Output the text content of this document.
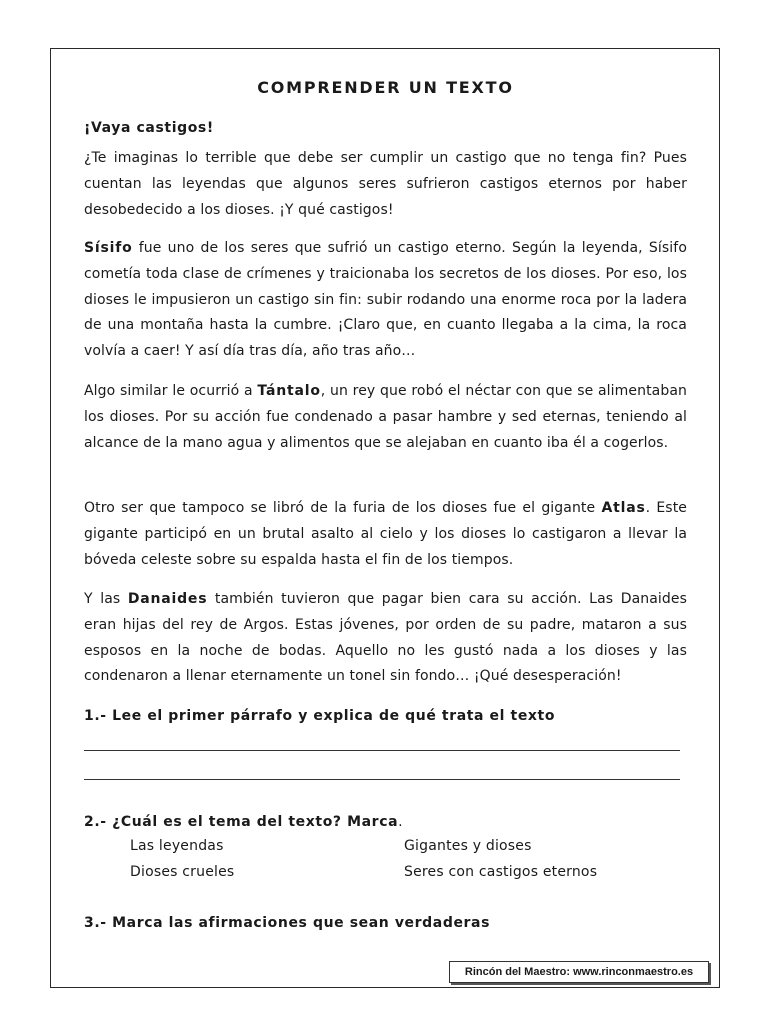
COMPRENDER UN TEXTO
¡Vaya castigos!

¿Te imaginas lo terrible que debe ser cumplir un castigo que no tenga fin? Pues cuentan las leyendas que algunos seres sufrieron castigos eternos por haber desobedecido a los dioses. ¡Y qué castigos!

Sísifo fue uno de los seres que sufrió un castigo eterno. Según la leyenda, Sísifo cometía toda clase de crímenes y traicionaba los secretos de los dioses. Por eso, los dioses le impusieron un castigo sin fin: subir rodando una enorme roca por la ladera de una montaña hasta la cumbre. ¡Claro que, en cuanto llegaba a la cima, la roca volvía a caer! Y así día tras día, año tras año…

Algo similar le ocurrió a Tántalo, un rey que robó el néctar con que se alimentaban los dioses. Por su acción fue condenado a pasar hambre y sed eternas, teniendo al alcance de la mano agua y alimentos que se alejaban en cuanto iba él a cogerlos.

Otro ser que tampoco se libró de la furia de los dioses fue el gigante Atlas. Este gigante participó en un brutal asalto al cielo y los dioses lo castigaron a llevar la bóveda celeste sobre su espalda hasta el fin de los tiempos.

Y las Danaides también tuvieron que pagar bien cara su acción. Las Danaides eran hijas del rey de Argos. Estas jóvenes, por orden de su padre, mataron a sus esposos en la noche de bodas. Aquello no les gustó nada a los dioses y las condenaron a llenar eternamente un tonel sin fondo… ¡Qué desesperación!

1.- Lee el primer párrafo y explica de qué trata el texto
2.- ¿Cuál es el tema del texto? Marca.
Las leyendas	Gigantes y dioses
Dioses crueles	Seres con castigos eternos
3.- Marca las afirmaciones que sean verdaderas
Rincón del Maestro: www.rinconmaestro.es
